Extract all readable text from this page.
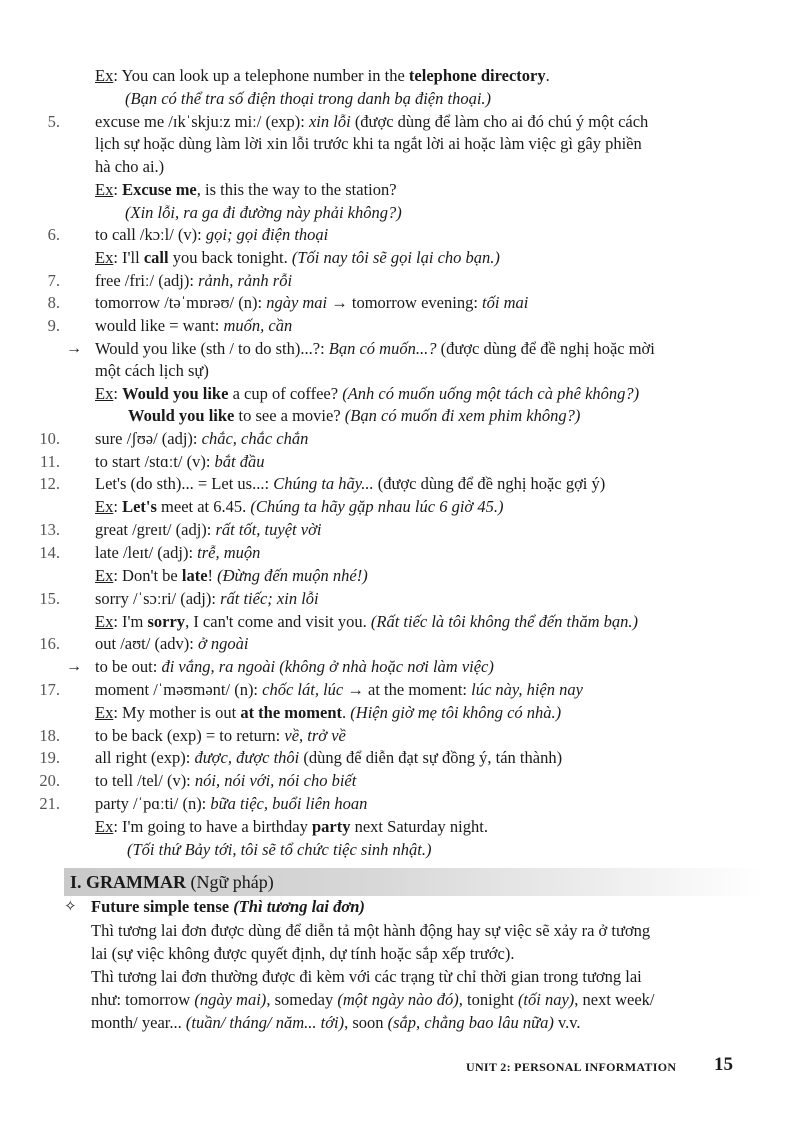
Ex: You can look up a telephone number in the telephone directory.
(Bạn có thể tra số điện thoại trong danh bạ điện thoại.)
5. excuse me /ɪkˈskjuːz miː/ (exp): xin lỗi (được dùng để làm cho ai đó chú ý một cách
lịch sự hoặc dùng làm lời xin lỗi trước khi ta ngắt lời ai hoặc làm việc gì gây phiền
hà cho ai.)
Ex: Excuse me, is this the way to the station?
(Xin lỗi, ra ga đi đường này phải không?)
6. to call /kɔːl/ (v): gọi; gọi điện thoại
Ex: I'll call you back tonight. (Tối nay tôi sẽ gọi lại cho bạn.)
7. free /friː/ (adj): rảnh, rảnh rỗi
8. tomorrow /təˈmɒrəʊ/ (n): ngày mai → tomorrow evening: tối mai
9. would like = want: muốn, cần
→ Would you like (sth / to do sth)...?: Bạn có muốn...? (được dùng để đề nghị hoặc mời
một cách lịch sự)
Ex: Would you like a cup of coffee? (Anh có muốn uống một tách cà phê không?)
Would you like to see a movie? (Bạn có muốn đi xem phim không?)
10. sure /ʃʊə/ (adj): chắc, chắc chắn
11. to start /stɑːt/ (v): bắt đầu
12. Let's (do sth)... = Let us...: Chúng ta hãy... (được dùng để đề nghị hoặc gợi ý)
Ex: Let's meet at 6.45. (Chúng ta hãy gặp nhau lúc 6 giờ 45.)
13. great /greɪt/ (adj): rất tốt, tuyệt vời
14. late /leɪt/ (adj): trễ, muộn
Ex: Don't be late! (Đừng đến muộn nhé!)
15. sorry /ˈsɔːri/ (adj): rất tiếc; xin lỗi
Ex: I'm sorry, I can't come and visit you. (Rất tiếc là tôi không thể đến thăm bạn.)
16. out /aʊt/ (adv): ở ngoài
→ to be out: đi vắng, ra ngoài (không ở nhà hoặc nơi làm việc)
17. moment /ˈməʊmənt/ (n): chốc lát, lúc → at the moment: lúc này, hiện nay
Ex: My mother is out at the moment. (Hiện giờ mẹ tôi không có nhà.)
18. to be back (exp) = to return: về, trở về
19. all right (exp): được, được thôi (dùng để diễn đạt sự đồng ý, tán thành)
20. to tell /tel/ (v): nói, nói với, nói cho biết
21. party /ˈpɑːti/ (n): bữa tiệc, buổi liên hoan
Ex: I'm going to have a birthday party next Saturday night.
(Tối thứ Bảy tới, tôi sẽ tổ chức tiệc sinh nhật.)
I. GRAMMAR (Ngữ pháp)
✧ Future simple tense (Thì tương lai đơn)
Thì tương lai đơn được dùng để diễn tả một hành động hay sự việc sẽ xảy ra ở tương
lai (sự việc không được quyết định, dự tính hoặc sắp xếp trước).
Thì tương lai đơn thường được đi kèm với các trạng từ chỉ thời gian trong tương lai
như: tomorrow (ngày mai), someday (một ngày nào đó), tonight (tối nay), next week/
month/ year... (tuần/ tháng/ năm... tới), soon (sắp, chẳng bao lâu nữa) v.v.
UNIT 2: PERSONAL INFORMATION 15
